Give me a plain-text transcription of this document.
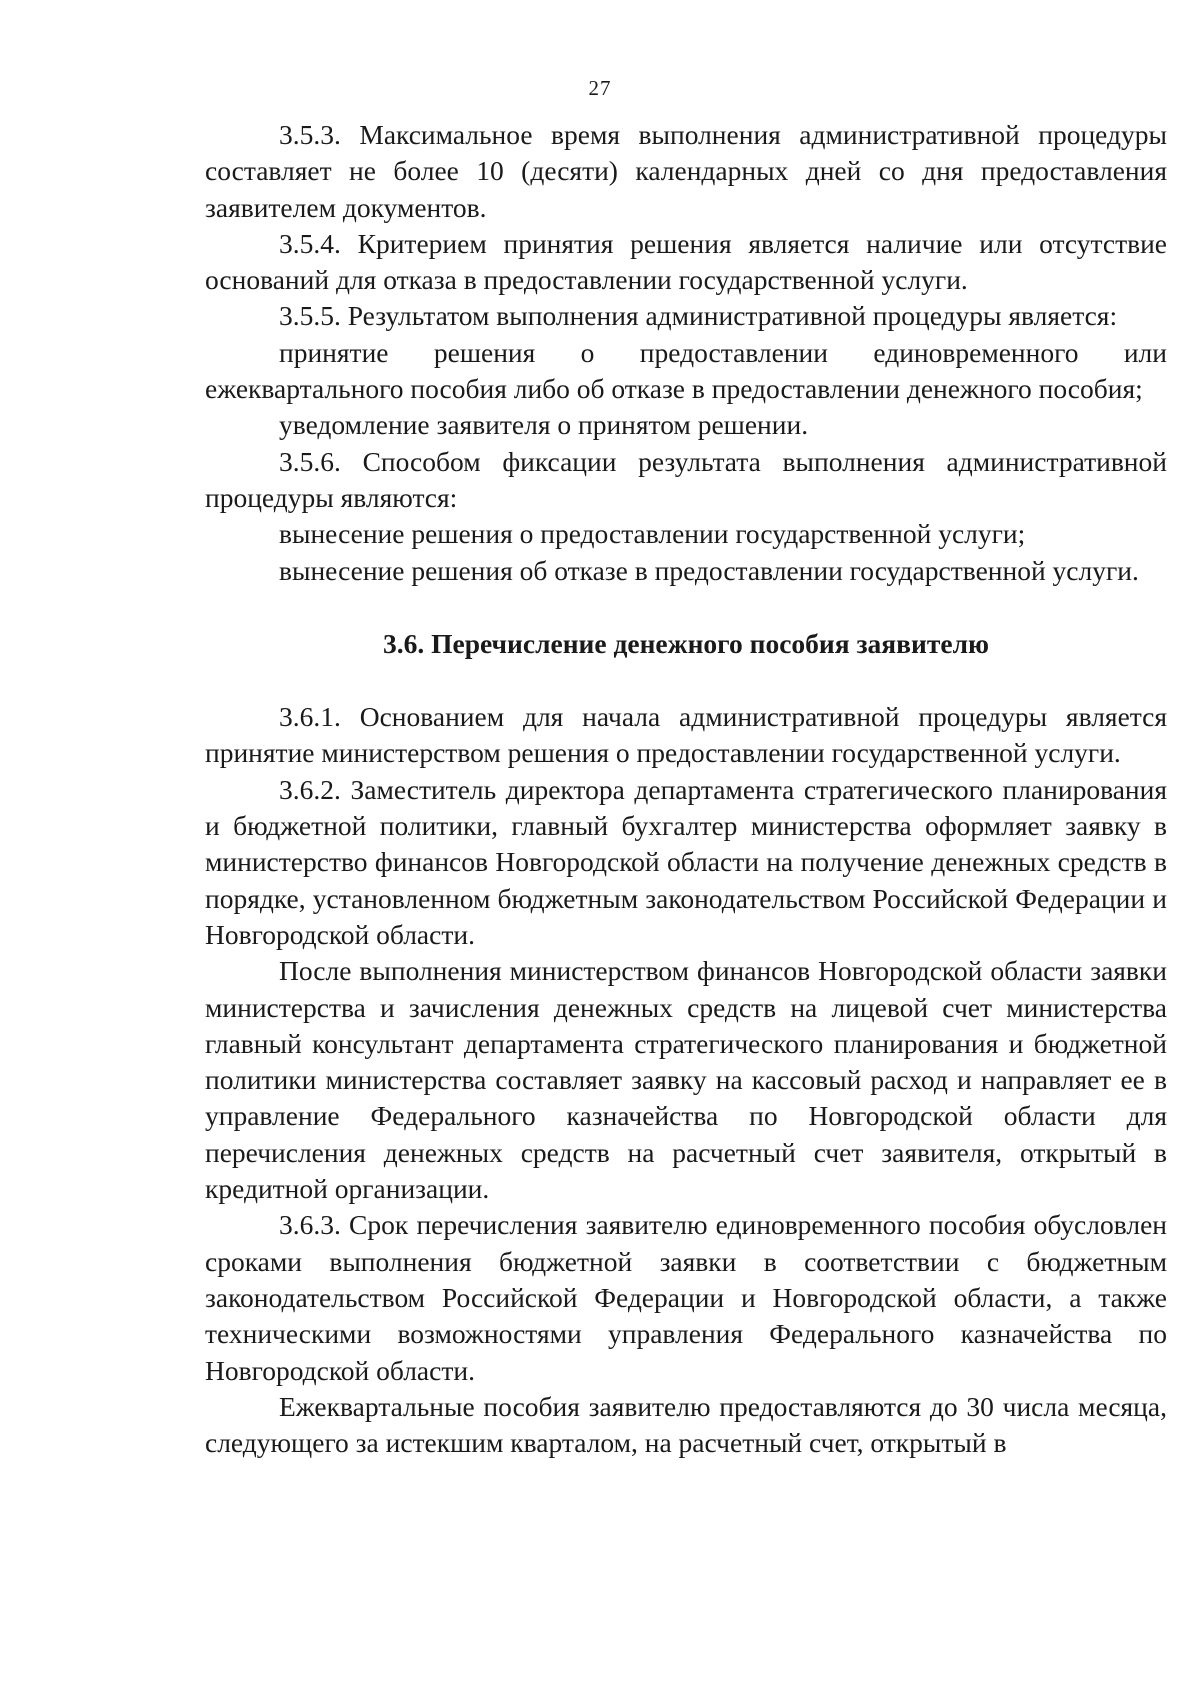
27

3.5.3. Максимальное время выполнения административной процедуры составляет не более 10 (десяти) календарных дней со дня предоставления заявителем документов.

3.5.4. Критерием принятия решения является наличие или отсутствие оснований для отказа в предоставлении государственной услуги.

3.5.5. Результатом выполнения административной процедуры является:

принятие решения о предоставлении единовременного или ежеквартального пособия либо об отказе в предоставлении денежного пособия;

уведомление заявителя о принятом решении.

3.5.6. Способом фиксации результата выполнения административной процедуры являются:

вынесение решения о предоставлении государственной услуги;

вынесение решения об отказе в предоставлении государственной услуги.

3.6. Перечисление денежного пособия заявителю

3.6.1. Основанием для начала административной процедуры является принятие министерством решения о предоставлении государственной услуги.

3.6.2. Заместитель директора департамента стратегического планирования и бюджетной политики, главный бухгалтер министерства оформляет заявку в министерство финансов Новгородской области на получение денежных средств в порядке, установленном бюджетным законодательством Российской Федерации и Новгородской области.

После выполнения министерством финансов Новгородской области заявки министерства и зачисления денежных средств на лицевой счет министерства главный консультант департамента стратегического планирования и бюджетной политики министерства составляет заявку на кассовый расход и направляет ее в управление Федерального казначейства по Новгородской области для перечисления денежных средств на расчетный счет заявителя, открытый в кредитной организации.

3.6.3. Срок перечисления заявителю единовременного пособия обусловлен сроками выполнения бюджетной заявки в соответствии с бюджетным законодательством Российской Федерации и Новгородской области, а также техническими возможностями управления Федерального казначейства по Новгородской области.

Ежеквартальные пособия заявителю предоставляются до 30 числа месяца, следующего за истекшим кварталом, на расчетный счет, открытый в
